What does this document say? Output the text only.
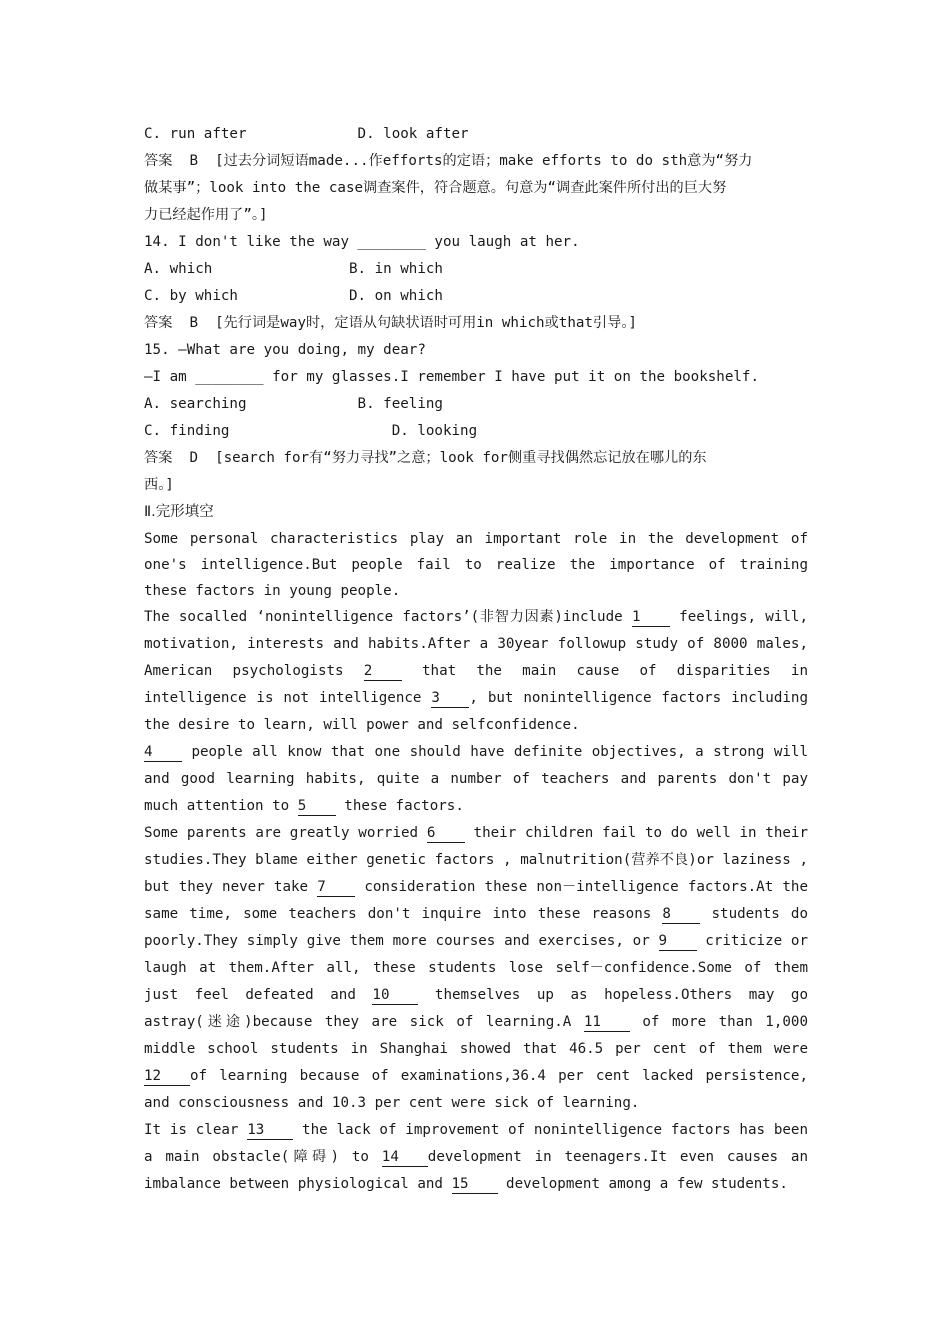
C. run after             D. look after
答案  B  [过去分词短语made...作efforts的定语；make efforts to do sth意为“努力
做某事”；look into the case调查案件，符合题意。句意为“调查此案件所付出的巨大努
力已经起作用了”。]
14. I don't like the way ________ you laugh at her.
A. which                B. in which
C. by which             D. on which
答案  B  [先行词是way时，定语从句缺状语时可用in which或that引导。]
15. —What are you doing, my dear?
—I am ________ for my glasses.I remember I have put it on the bookshelf.
A. searching             B. feeling
C. finding                   D. looking
答案  D  [search for有“努力寻找”之意；look for侧重寻找偶然忘记放在哪儿的东
西。]
Ⅱ.完形填空
Some personal characteristics play an important role in the development of one's intelligence.But people fail to realize the importance of training these factors in young people.
The socalled ‘nonintelligence factors’(非智力因素)include 1 feelings, will, motivation, interests and habits.After a 30year followup study of 8000 males, American psychologists 2 that the main cause of disparities in intelligence is not intelligence 3 , but nonintelligence factors including the desire to learn, will power and selfconfidence.
4 people all know that one should have definite objectives, a strong will and good learning habits, quite a number of teachers and parents don't pay much attention to 5 these factors.
Some parents are greatly worried 6 their children fail to do well in their studies.They blame either genetic factors , malnutrition(营养不良)or laziness , but they never take 7 consideration these non－intelligence factors.At the same time, some teachers don't inquire into these reasons 8 students do poorly.They simply give them more courses and exercises, or 9 criticize or laugh at them.After all, these students lose self－confidence.Some of them just feel defeated and 10 themselves up as hopeless.Others may go astray(迷途)because they are sick of learning.A 11 of more than 1,000 middle school students in Shanghai showed that 46.5 per cent of them were 12 of learning because of examinations,36.4 per cent lacked persistence, and consciousness and 10.3 per cent were sick of learning.
It is clear 13 the lack of improvement of nonintelligence factors has been a main obstacle(障碍) to 14 development in teenagers.It even causes an imbalance between physiological and 15 development among a few students.
